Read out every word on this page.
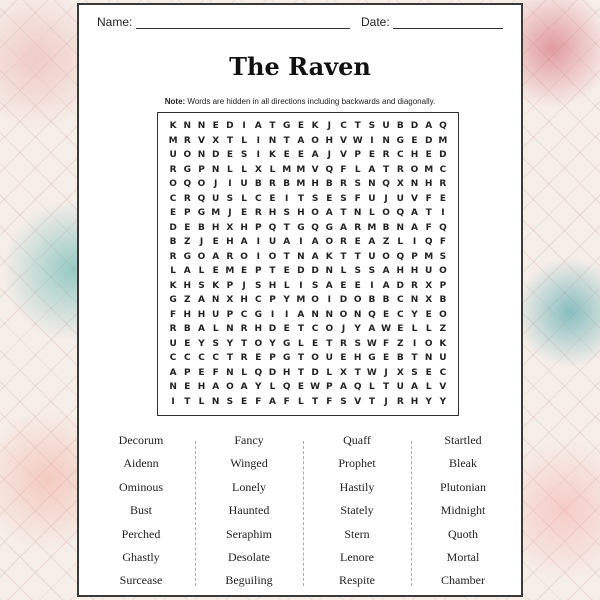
Name:	Date:
The Raven
Note: Words are hidden in all directions including backwards and diagonally.
K N N E D I	A T G E K	J	C T S U B D A Q
M R V X T L	I N T A O H V W I N G E D M
U O N D E S	I	K E E A	J	V P E R C H E D
R G P N L L X L M M V Q F L A T R O M C
O Q O J	I U B R B M H B R S N Q X N H R
C R Q U S L C E	I	T S E S F U J U V F E
E P G M J	E R H S H O A T N L O Q A T	I
D E B H X H P Q T G Q G A R M B N A F Q
B Z	J	E H A	I U A	I	A O R E A Z L	I Q F
R G O A R O I O T N A K T T U O Q P M S
L A L E M E P T E D D N L S S A H H U O
K H S K P	J	S H L	I	S A E E	I	A D R X P
G Z A N X H C P Y M O I D O B B C N X B
F H H U P C G I	I	A N N O N Q E C Y E O
R B A L N R H D E T C O J	Y A W E L L Z
U E Y S Y T O Y G L E T R S W F Z	I O K
C C C C T R E P G T O U E H G E B T N U
A P E F N L Q D H T D L X T W J	X S E C
N E H A O A Y L Q E W P A Q L T U A L V
I	T L N S E F A F L T F S V T	J	R H Y Y
Decorum
Aidenn
Ominous
Bust
Perched
Ghastly
Surcease
Fancy
Winged
Lonely
Haunted
Seraphim
Desolate
Beguiling
Quaff
Prophet
Hastily
Stately
Stern
Lenore
Respite
Startled
Bleak
Plutonian
Midnight
Quoth
Mortal
Chamber
